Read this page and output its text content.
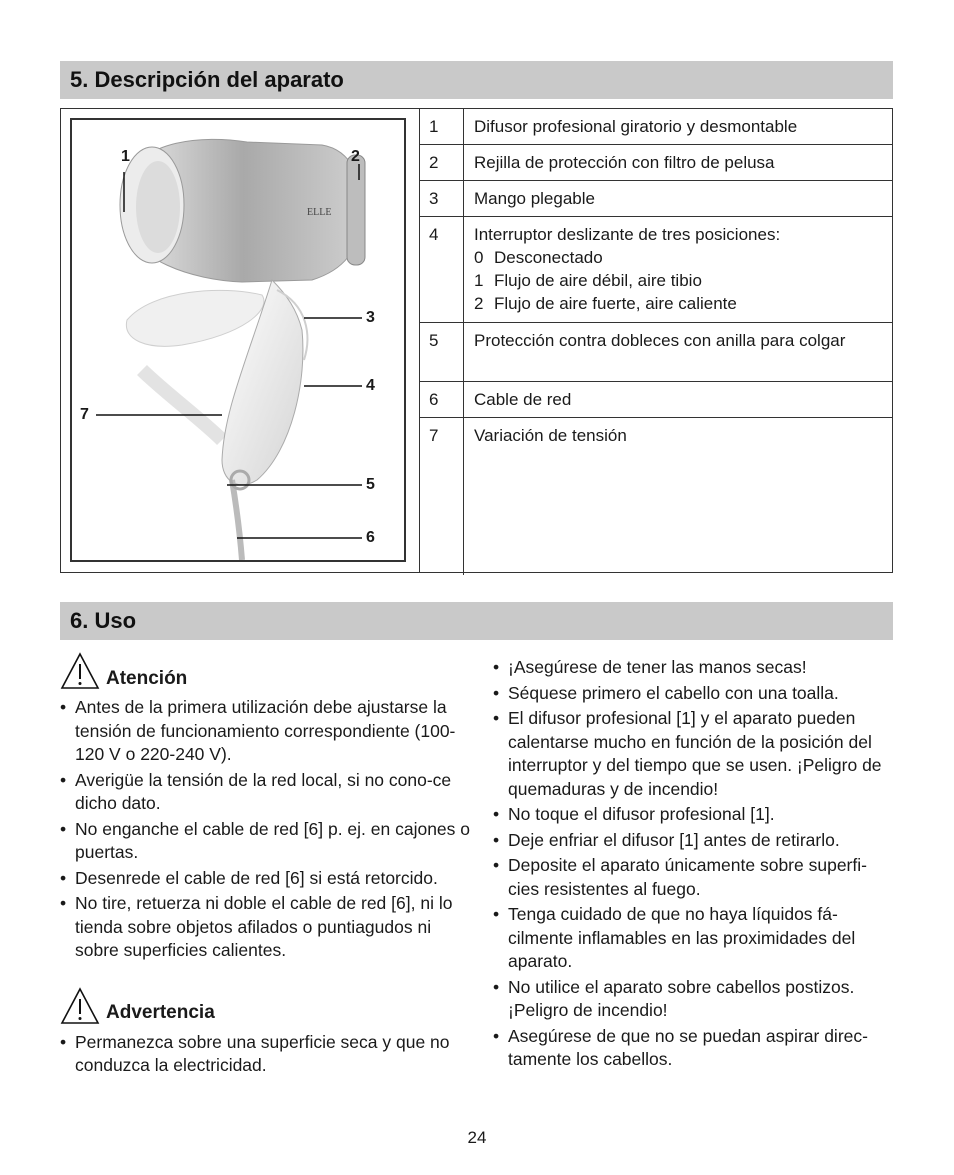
5. Descripción del aparato
ELLE
1	2
3
4
5
6
7
1	Difusor profesional giratorio y desmontable
2	Rejilla de protección con filtro de pelusa
3	Mango plegable
4	Interruptor deslizante de tres posiciones:
0 Desconectado
1 Flujo de aire débil, aire tibio
2 Flujo de aire fuerte, aire caliente

5	Protección contra dobleces con anilla para colgar
6	Cable de red
7	Variación de tensión
6. Uso
Atención
• Antes de la primera utilización debe ajustarse la tensión de funcionamiento correspondiente (100-120 V o 220-240 V).
• Averigüe la tensión de la red local, si no cono-ce dicho dato.
• No enganche el cable de red [6] p. ej. en cajones o puertas.
• Desenrede el cable de red [6] si está retorcido.
• No tire, retuerza ni doble el cable de red [6], ni lo tienda sobre objetos afilados o puntiagudos ni sobre superficies calientes.
Advertencia
• Permanezca sobre una superficie seca y que no conduzca la electricidad.
• ¡Asegúrese de tener las manos secas!
• Séquese primero el cabello con una toalla.
• El difusor profesional [1] y el aparato pueden calentarse mucho en función de la posición del interruptor y del tiempo que se usen. ¡Peligro de quemaduras y de incendio!
• No toque el difusor profesional [1].
• Deje enfriar el difusor [1] antes de retirarlo.
• Deposite el aparato únicamente sobre superfi-cies resistentes al fuego.
• Tenga cuidado de que no haya líquidos fá-cilmente inflamables en las proximidades del aparato.
• No utilice el aparato sobre cabellos postizos. ¡Peligro de incendio!
• Asegúrese de que no se puedan aspirar direc-tamente los cabellos.
24
